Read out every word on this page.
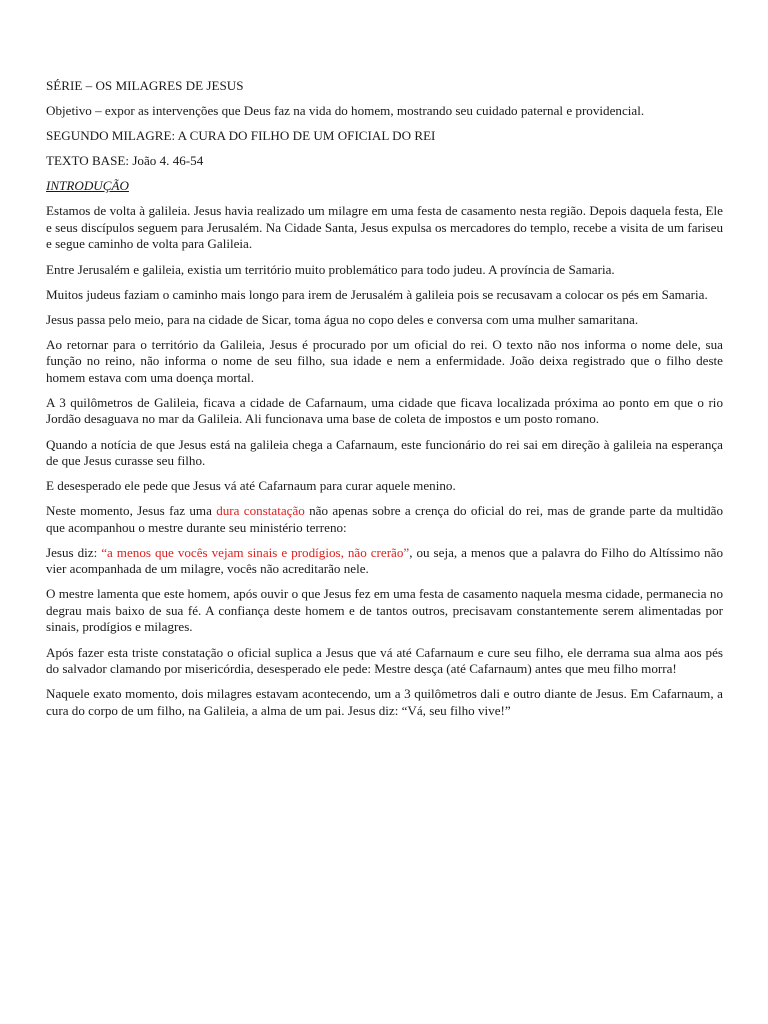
SÉRIE – OS MILAGRES DE JESUS

Objetivo – expor as intervenções que Deus faz na vida do homem, mostrando seu cuidado paternal e providencial.

SEGUNDO MILAGRE: A CURA DO FILHO DE UM OFICIAL DO REI

TEXTO BASE: João 4. 46-54

INTRODUÇÃO

Estamos de volta à galileia. Jesus havia realizado um milagre em uma festa de casamento nesta região. Depois daquela festa, Ele e seus discípulos seguem para Jerusalém. Na Cidade Santa, Jesus expulsa os mercadores do templo, recebe a visita de um fariseu e segue caminho de volta para Galileia.

Entre Jerusalém e galileia, existia um território muito problemático para todo judeu. A província de Samaria.

Muitos judeus faziam o caminho mais longo para irem de Jerusalém à galileia pois se recusavam a colocar os pés em Samaria.

Jesus passa pelo meio, para na cidade de Sicar, toma água no copo deles e conversa com uma mulher samaritana.

Ao retornar para o território da Galileia, Jesus é procurado por um oficial do rei. O texto não nos informa o nome dele, sua função no reino, não informa o nome de seu filho, sua idade e nem a enfermidade. João deixa registrado que o filho deste homem estava com uma doença mortal.

A 3 quilômetros de Galileia, ficava a cidade de Cafarnaum, uma cidade que ficava localizada próxima ao ponto em que o rio Jordão desaguava no mar da Galileia. Ali funcionava uma base de coleta de impostos e um posto romano.

Quando a notícia de que Jesus está na galileia chega a Cafarnaum, este funcionário do rei sai em direção à galileia na esperança de que Jesus curasse seu filho.

E desesperado ele pede que Jesus vá até Cafarnaum para curar aquele menino.

Neste momento, Jesus faz uma dura constatação não apenas sobre a crença do oficial do rei, mas de grande parte da multidão que acompanhou o mestre durante seu ministério terreno:

Jesus diz: “a menos que vocês vejam sinais e prodígios, não crerão”, ou seja, a menos que a palavra do Filho do Altíssimo não vier acompanhada de um milagre, vocês não acreditarão nele.

O mestre lamenta que este homem, após ouvir o que Jesus fez em uma festa de casamento naquela mesma cidade, permanecia no degrau mais baixo de sua fé. A confiança deste homem e de tantos outros, precisavam constantemente serem alimentadas por sinais, prodígios e milagres.

Após fazer esta triste constatação o oficial suplica a Jesus que vá até Cafarnaum e cure seu filho, ele derrama sua alma aos pés do salvador clamando por misericórdia, desesperado ele pede: Mestre desça (até Cafarnaum) antes que meu filho morra!

Naquele exato momento, dois milagres estavam acontecendo, um a 3 quilômetros dali e outro diante de Jesus. Em Cafarnaum, a cura do corpo de um filho, na Galileia, a alma de um pai. Jesus diz: “Vá, seu filho vive!”
